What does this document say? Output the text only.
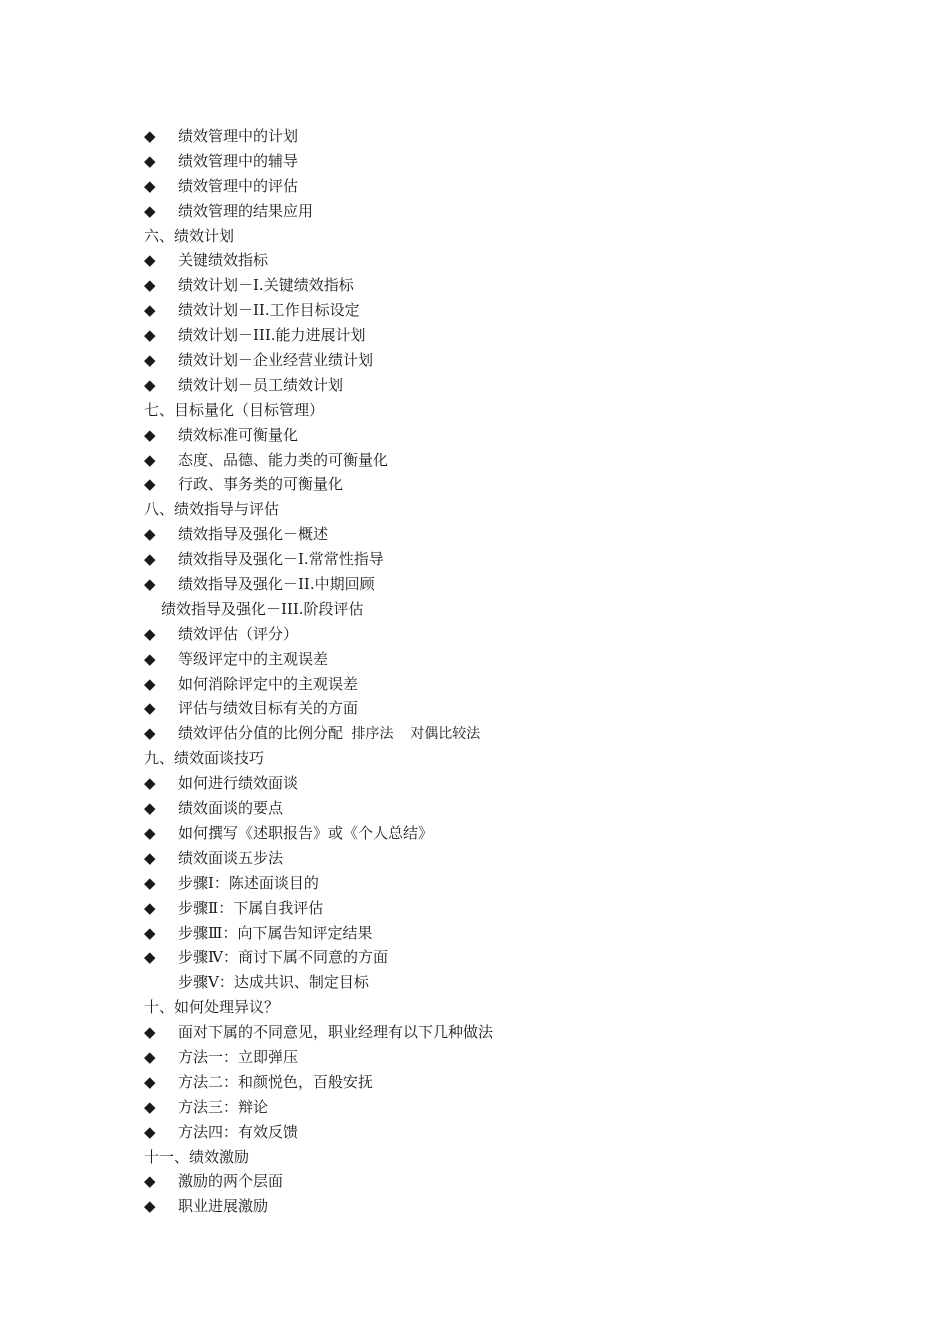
◆ 绩效管理中的计划
◆ 绩效管理中的辅导
◆ 绩效管理中的评估
◆ 绩效管理的结果应用
六、绩效计划
◆ 关键绩效指标
◆ 绩效计划－I.关键绩效指标
◆ 绩效计划－II.工作目标设定
◆ 绩效计划－III.能力进展计划
◆ 绩效计划－企业经营业绩计划
◆ 绩效计划－员工绩效计划
七、目标量化（目标管理）
◆ 绩效标准可衡量化
◆ 态度、品德、能力类的可衡量化
◆ 行政、事务类的可衡量化
八、绩效指导与评估
◆ 绩效指导及强化－概述
◆ 绩效指导及强化－I.常常性指导
◆ 绩效指导及强化－II.中期回顾
绩效指导及强化－III.阶段评估
◆ 绩效评估（评分）
◆ 等级评定中的主观误差
◆ 如何消除评定中的主观误差
◆ 评估与绩效目标有关的方面
◆ 绩效评估分值的比例分配 排序法  对偶比较法
九、绩效面谈技巧
◆ 如何进行绩效面谈
◆ 绩效面谈的要点
◆ 如何撰写《述职报告》或《个人总结》
◆ 绩效面谈五步法
◆ 步骤Ⅰ：陈述面谈目的
◆ 步骤Ⅱ：下属自我评估
◆ 步骤Ⅲ：向下属告知评定结果
◆ 步骤Ⅳ：商讨下属不同意的方面
步骤Ⅴ：达成共识、制定目标
十、如何处理异议？
◆ 面对下属的不同意见，职业经理有以下几种做法
◆ 方法一：立即弹压
◆ 方法二：和颜悦色，百般安抚
◆ 方法三：辩论
◆ 方法四：有效反馈
十一、绩效激励
◆ 激励的两个层面
◆ 职业进展激励
